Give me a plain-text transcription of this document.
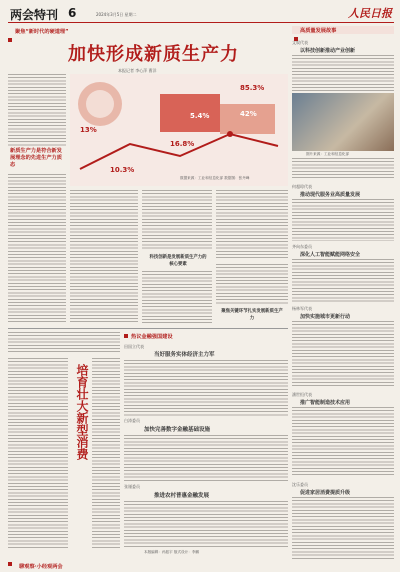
两会特刊 6	2024年3月5日 星期二	人民日报
聚焦“新时代的硬道理”
加快形成新质生产力
本报记者 李心萍 曹洋
新质生产力是符合新发展理念的先进生产力质态
13%
5.4%
85.3%
42%
16.8%
10.3%
数据来源：工业和信息化部 数据图：张丹峰
科技创新是发展新质生产力的核心要素
聚焦关键环节扎实发展新质生产力
高质量发展故事
文娱代表
以科技创新推动产业创新
图片来源：工业和信息化部
何超琼代表
推动现代服务业高质量发展
齐向东委员
深化人工智能赋能网络安全
杨林军代表
加快实施城市更新行动
潘世恒代表
推广智能制造技术应用
沈乐委员
促进家居消费提质升级
培育壮大新型消费
聊观察·小经观两会
热议金融强国建设
田国立代表
当好服务实体经济主力军
白涛委员
加快完善数字金融基础设施
张谨委员
推进农村普惠金融发展
本版编辑：孙振宇 版式设计：李鹏
